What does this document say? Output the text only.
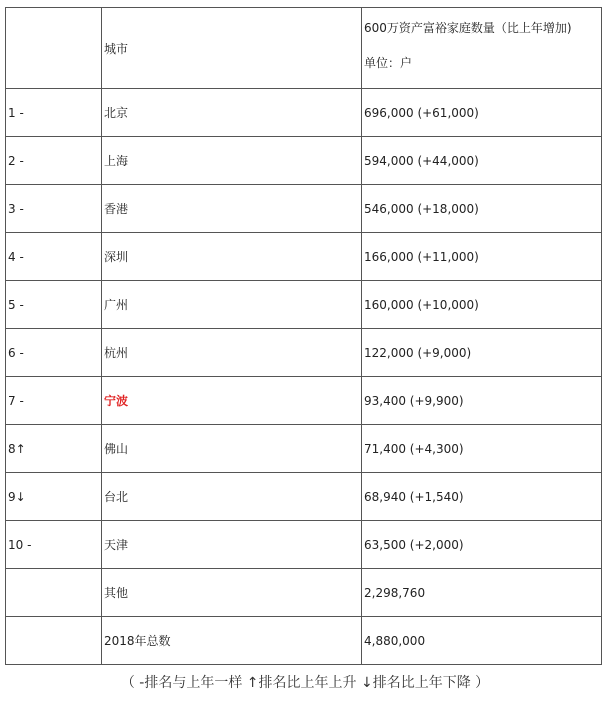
	城市	600万资产富裕家庭数量（比上年增加)
单位：户

1 -	北京	696,000 (+61,000)
2 -	上海	594,000 (+44,000)
3 -	香港	546,000 (+18,000)
4 -	深圳	166,000 (+11,000)
5 -	广州	160,000 (+10,000)
6 -	杭州	122,000 (+9,000)
7 -	宁波	93,400 (+9,900)
8↑	佛山	71,400 (+4,300)
9↓	台北	68,940 (+1,540)
10 -	天津	63,500 (+2,000)
	其他	2,298,760
	2018年总数	4,880,000
（ -排名与上年一样 ↑排名比上年上升 ↓排名比上年下降 ）
